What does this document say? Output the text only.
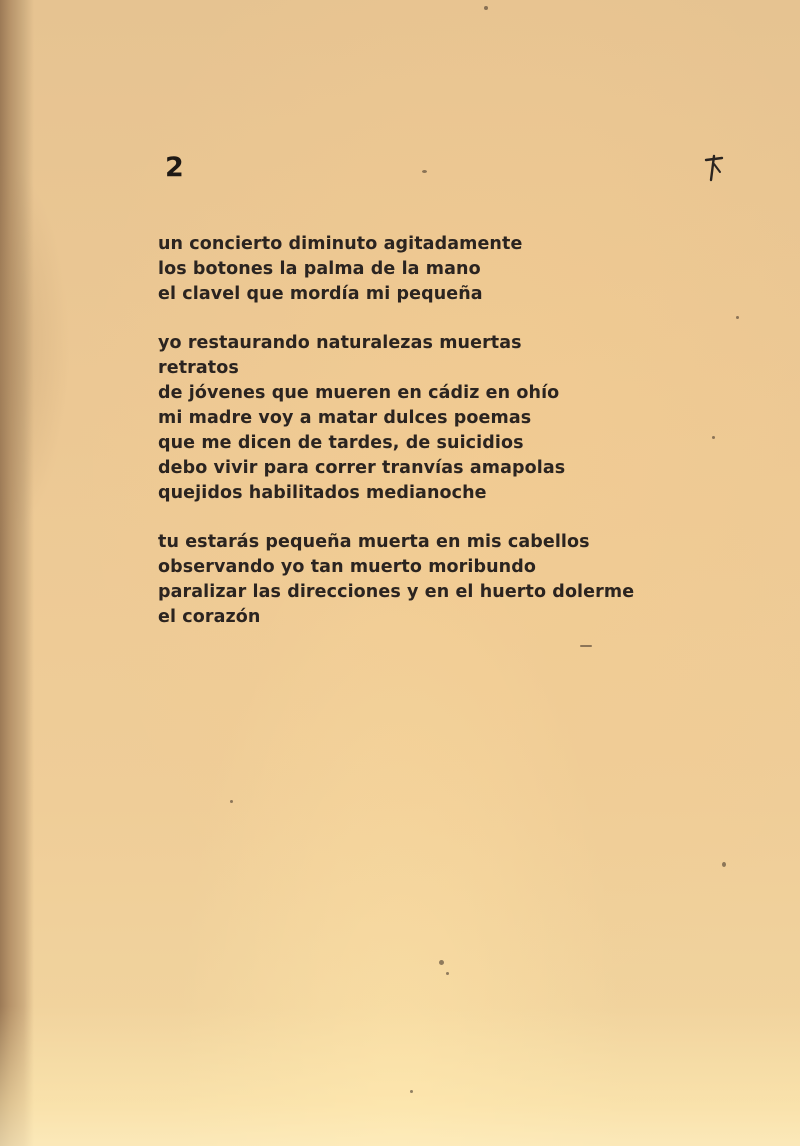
2
un concierto diminuto agitadamente
los botones la palma de la mano
el clavel que mordía mi pequeña
yo restaurando naturalezas muertas
retratos
de jóvenes que mueren en cádiz en ohío
mi madre voy a matar dulces poemas
que me dicen de tardes, de suicidios
debo vivir para correr tranvías amapolas
quejidos habilitados medianoche
tu estarás pequeña muerta en mis cabellos
observando yo tan muerto moribundo
paralizar las direcciones y en el huerto dolerme
el corazón
